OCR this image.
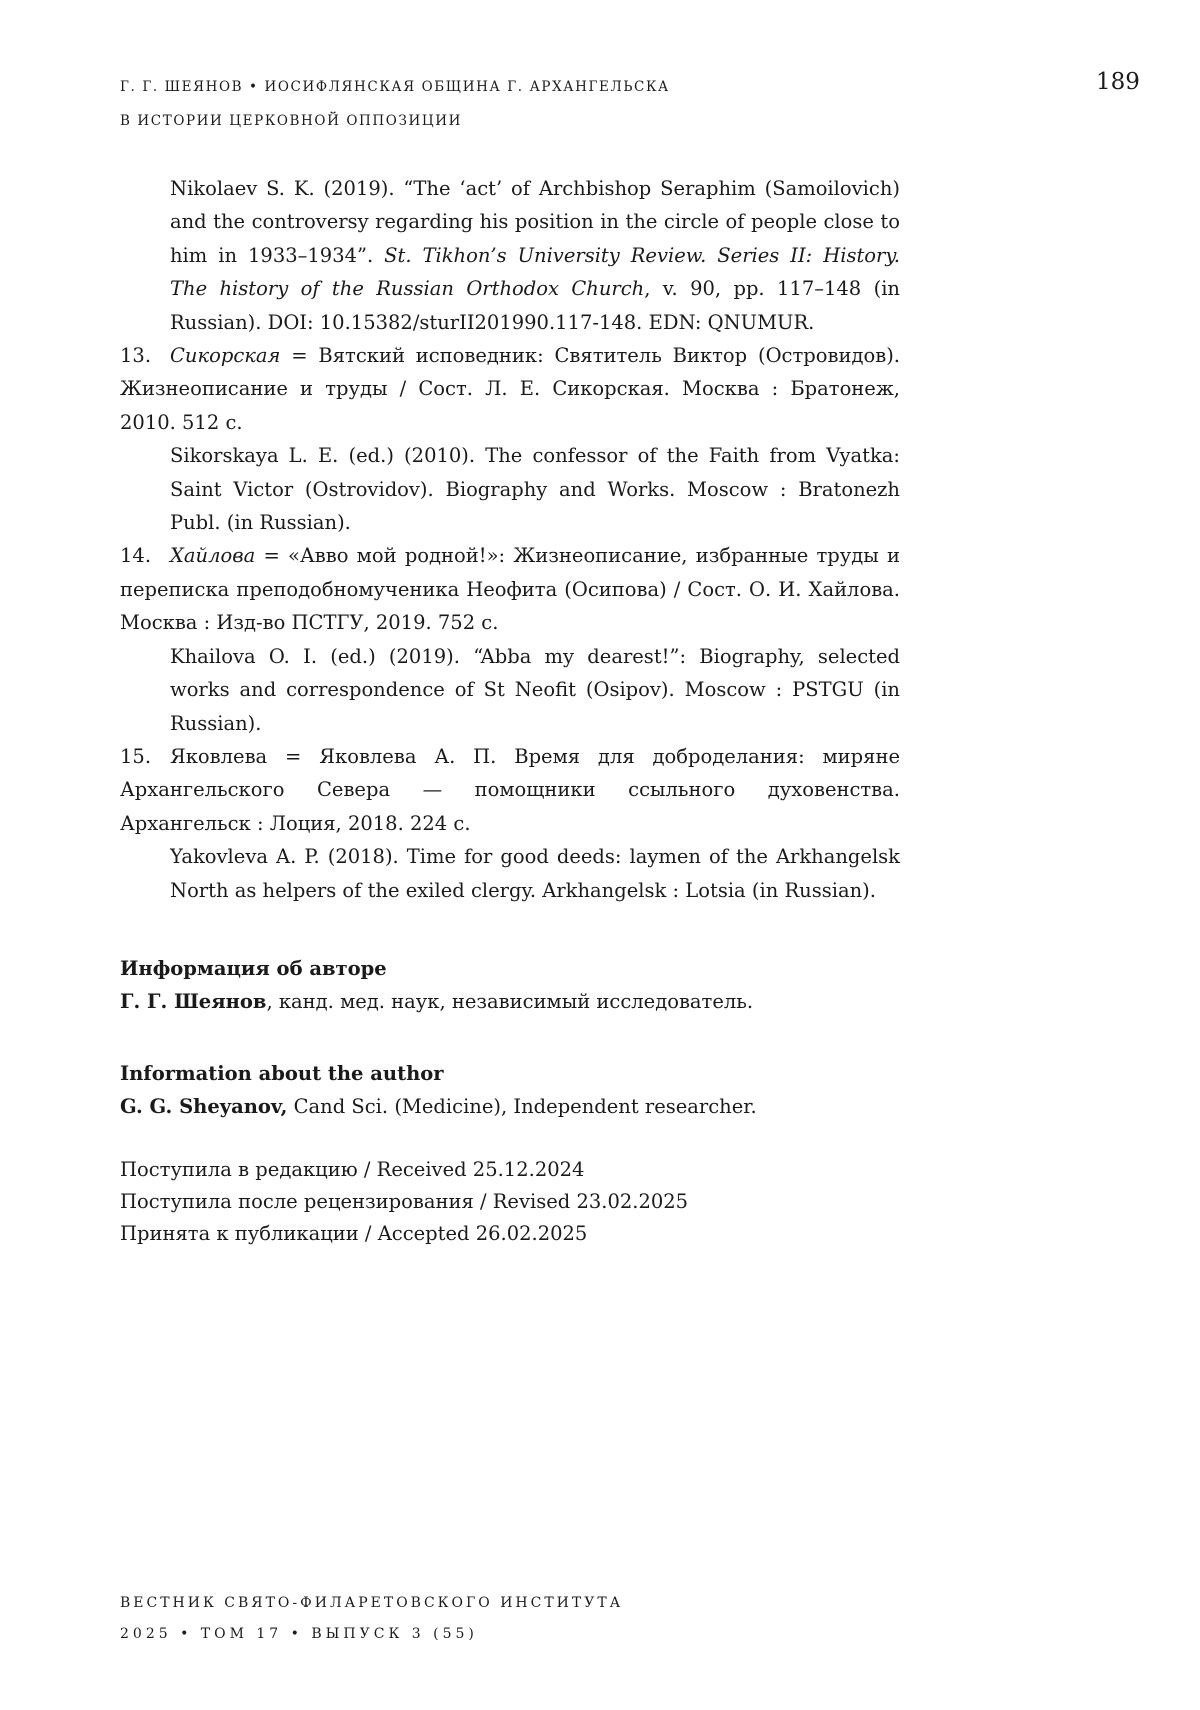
Г. Г. ШЕЯНОВ • ИОСИФЛЯНСКАЯ ОБЩИНА Г. АРХАНГЕЛЬСКА
В ИСТОРИИ ЦЕРКОВНОЙ ОППОЗИЦИИ
189

Nikolaev S. K. (2019). “The ‘act’ of Archbishop Seraphim (Samoilovich) and the controversy regarding his position in the circle of people close to him in 1933–1934”. St. Tikhon’s University Review. Series II: History. The history of the Russian Orthodox Church, v. 90, pp. 117–148 (in Russian). DOI: 10.15382/sturII201990.117-148. EDN: QNUMUR.

13. Сикорская = Вятский исповедник: Святитель Виктор (Островидов). Жизнеописание и труды / Сост. Л. Е. Сикорская. Москва : Братонеж, 2010. 512 с.

Sikorskaya L. E. (ed.) (2010). The confessor of the Faith from Vyatka: Saint Victor (Ostrovidov). Biography and Works. Moscow : Bratonezh Publ. (in Russian).

14. Хайлова = «Авво мой родной!»: Жизнеописание, избранные труды и переписка преподобномученика Неофита (Осипова) / Сост. О. И. Хайлова. Москва : Изд-во ПСТГУ, 2019. 752 с.

Khailova O. I. (ed.) (2019). “Abba my dearest!”: Biography, selected works and correspondence of St Neofit (Osipov). Moscow : PSTGU (in Russian).

15. Яковлева = Яковлева А. П. Время для доброделания: миряне Архангельского Севера — помощники ссыльного духовенства. Архангельск : Лоция, 2018. 224 с.

Yakovleva A. P. (2018). Time for good deeds: laymen of the Arkhangelsk North as helpers of the exiled clergy. Arkhangelsk : Lotsia (in Russian).

Информация об авторе
Г. Г. Шеянов, канд. мед. наук, независимый исследователь.
Information about the author
G. G. Sheyanov, Cand Sci. (Medicine), Independent researcher.
Поступила в редакцию / Received 25.12.2024
Поступила после рецензирования / Revised 23.02.2025
Принята к публикации / Accepted 26.02.2025
ВЕСТНИК СВЯТО-ФИЛАРЕТОВСКОГО ИНСТИТУТА
2025 • ТОМ 17 • ВЫПУСК 3 (55)
